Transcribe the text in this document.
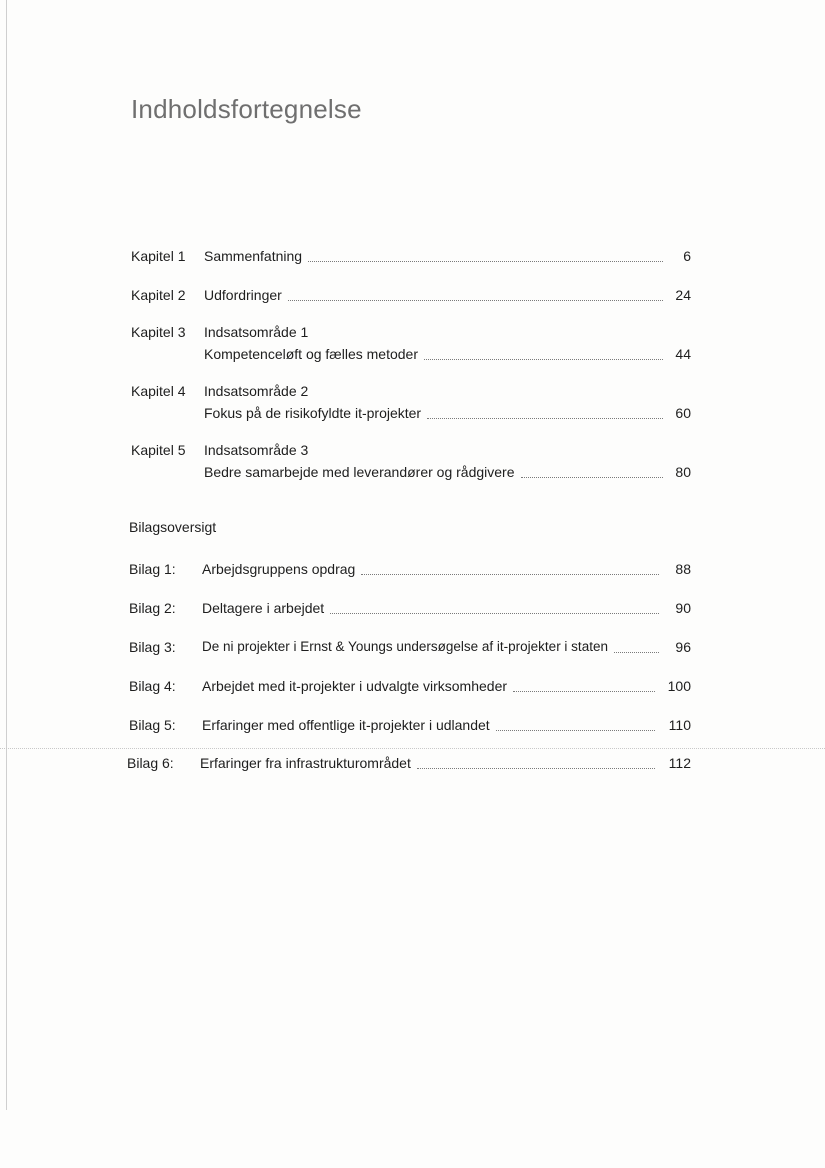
Indholdsfortegnelse
Kapitel 1 Sammenfatning	6
Kapitel 2 Udfordringer	24
Kapitel 3 Indsatsområde 1
Kompetenceløft og fælles metoder	44
Kapitel 4 Indsatsområde 2
Fokus på de risikofyldte it-projekter	60
Kapitel 5 Indsatsområde 3
Bedre samarbejde med leverandører og rådgivere	80
Bilagsoversigt
Bilag 1: Arbejdsgruppens opdrag	88
Bilag 2: Deltagere i arbejdet	90
Bilag 3: De ni projekter i Ernst & Youngs undersøgelse af it-projekter i staten	96
Bilag 4: Arbejdet med it-projekter i udvalgte virksomheder	100
Bilag 5: Erfaringer med offentlige it-projekter i udlandet	110
Bilag 6: Erfaringer fra infrastrukturområdet	112
